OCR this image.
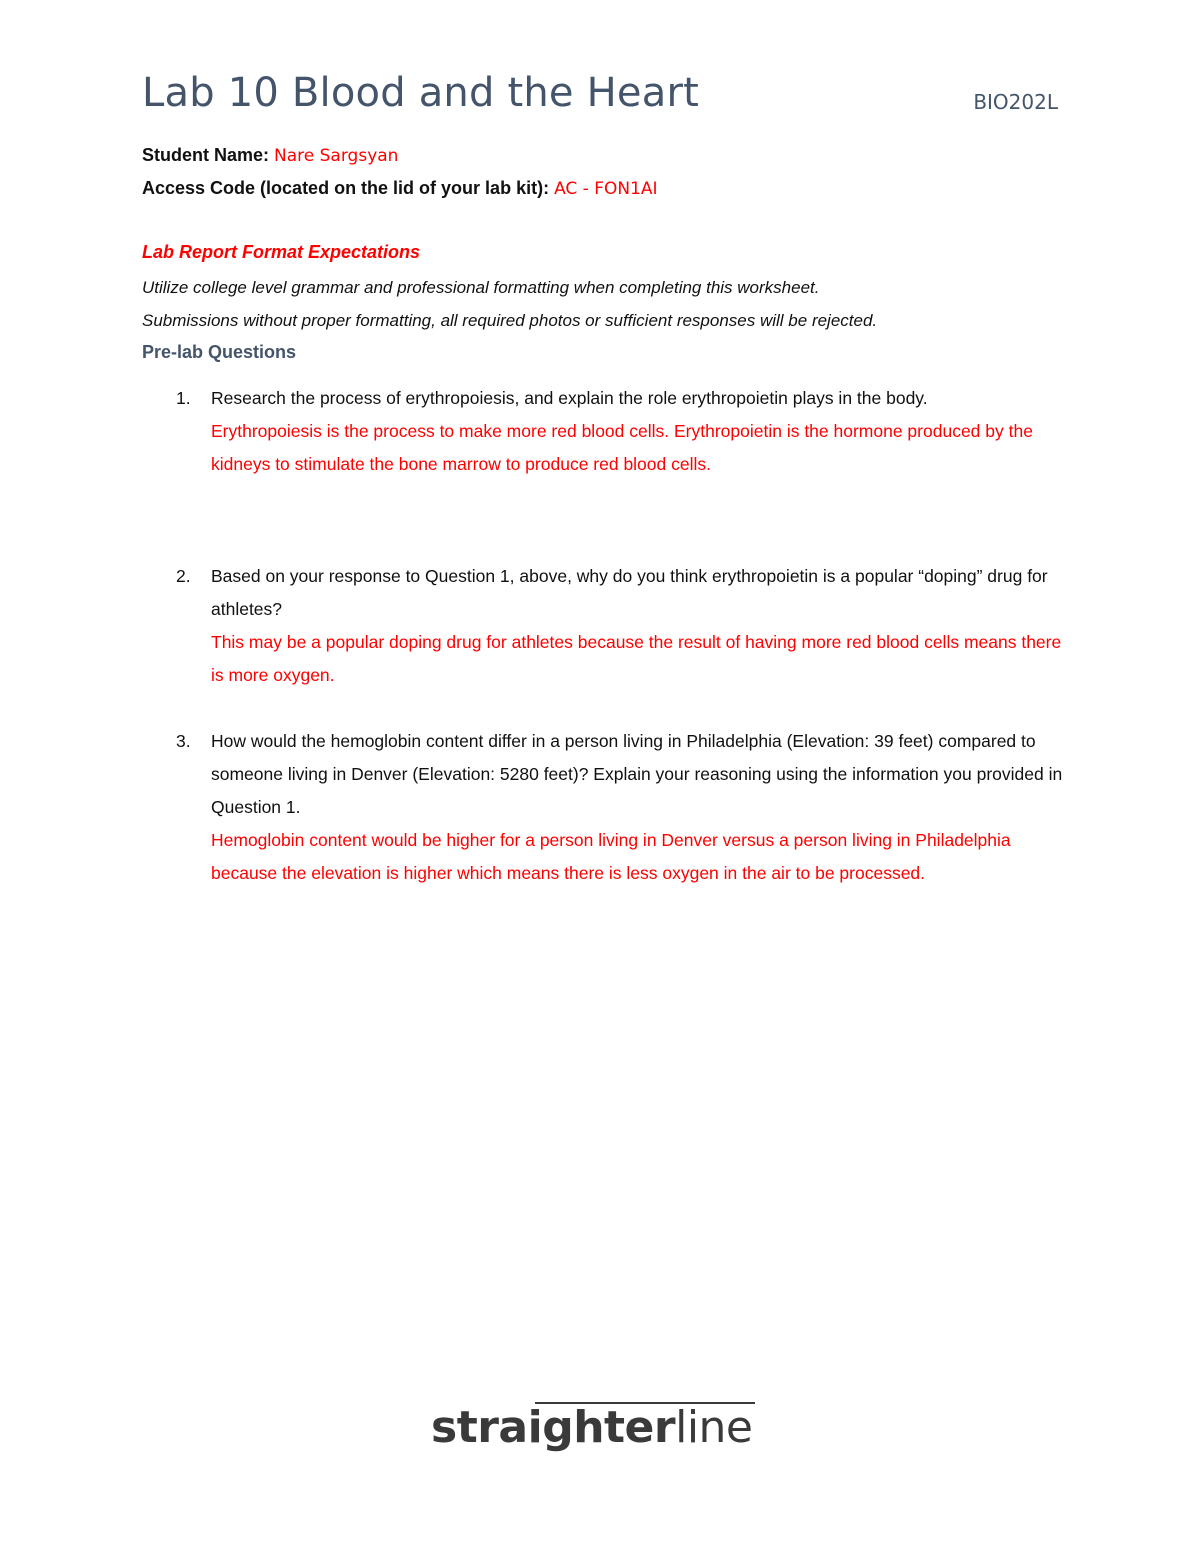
Lab 10 Blood and the Heart	BIO202L
Student Name: Nare Sargsyan
Access Code (located on the lid of your lab kit): AC - FON1AI
Lab Report Format Expectations
Utilize college level grammar and professional formatting when completing this worksheet.
Submissions without proper formatting, all required photos or sufficient responses will be rejected.
Pre-lab Questions
1. Research the process of erythropoiesis, and explain the role erythropoietin plays in the body.
Erythropoiesis is the process to make more red blood cells. Erythropoietin is the hormone produced by the kidneys to stimulate the bone marrow to produce red blood cells.
2. Based on your response to Question 1, above, why do you think erythropoietin is a popular “doping” drug for athletes?
This may be a popular doping drug for athletes because the result of having more red blood cells means there is more oxygen.
3. How would the hemoglobin content differ in a person living in Philadelphia (Elevation: 39 feet) compared to someone living in Denver (Elevation: 5280 feet)? Explain your reasoning using the information you provided in Question 1.
Hemoglobin content would be higher for a person living in Denver versus a person living in Philadelphia because the elevation is higher which means there is less oxygen in the air to be processed.
straighterline
